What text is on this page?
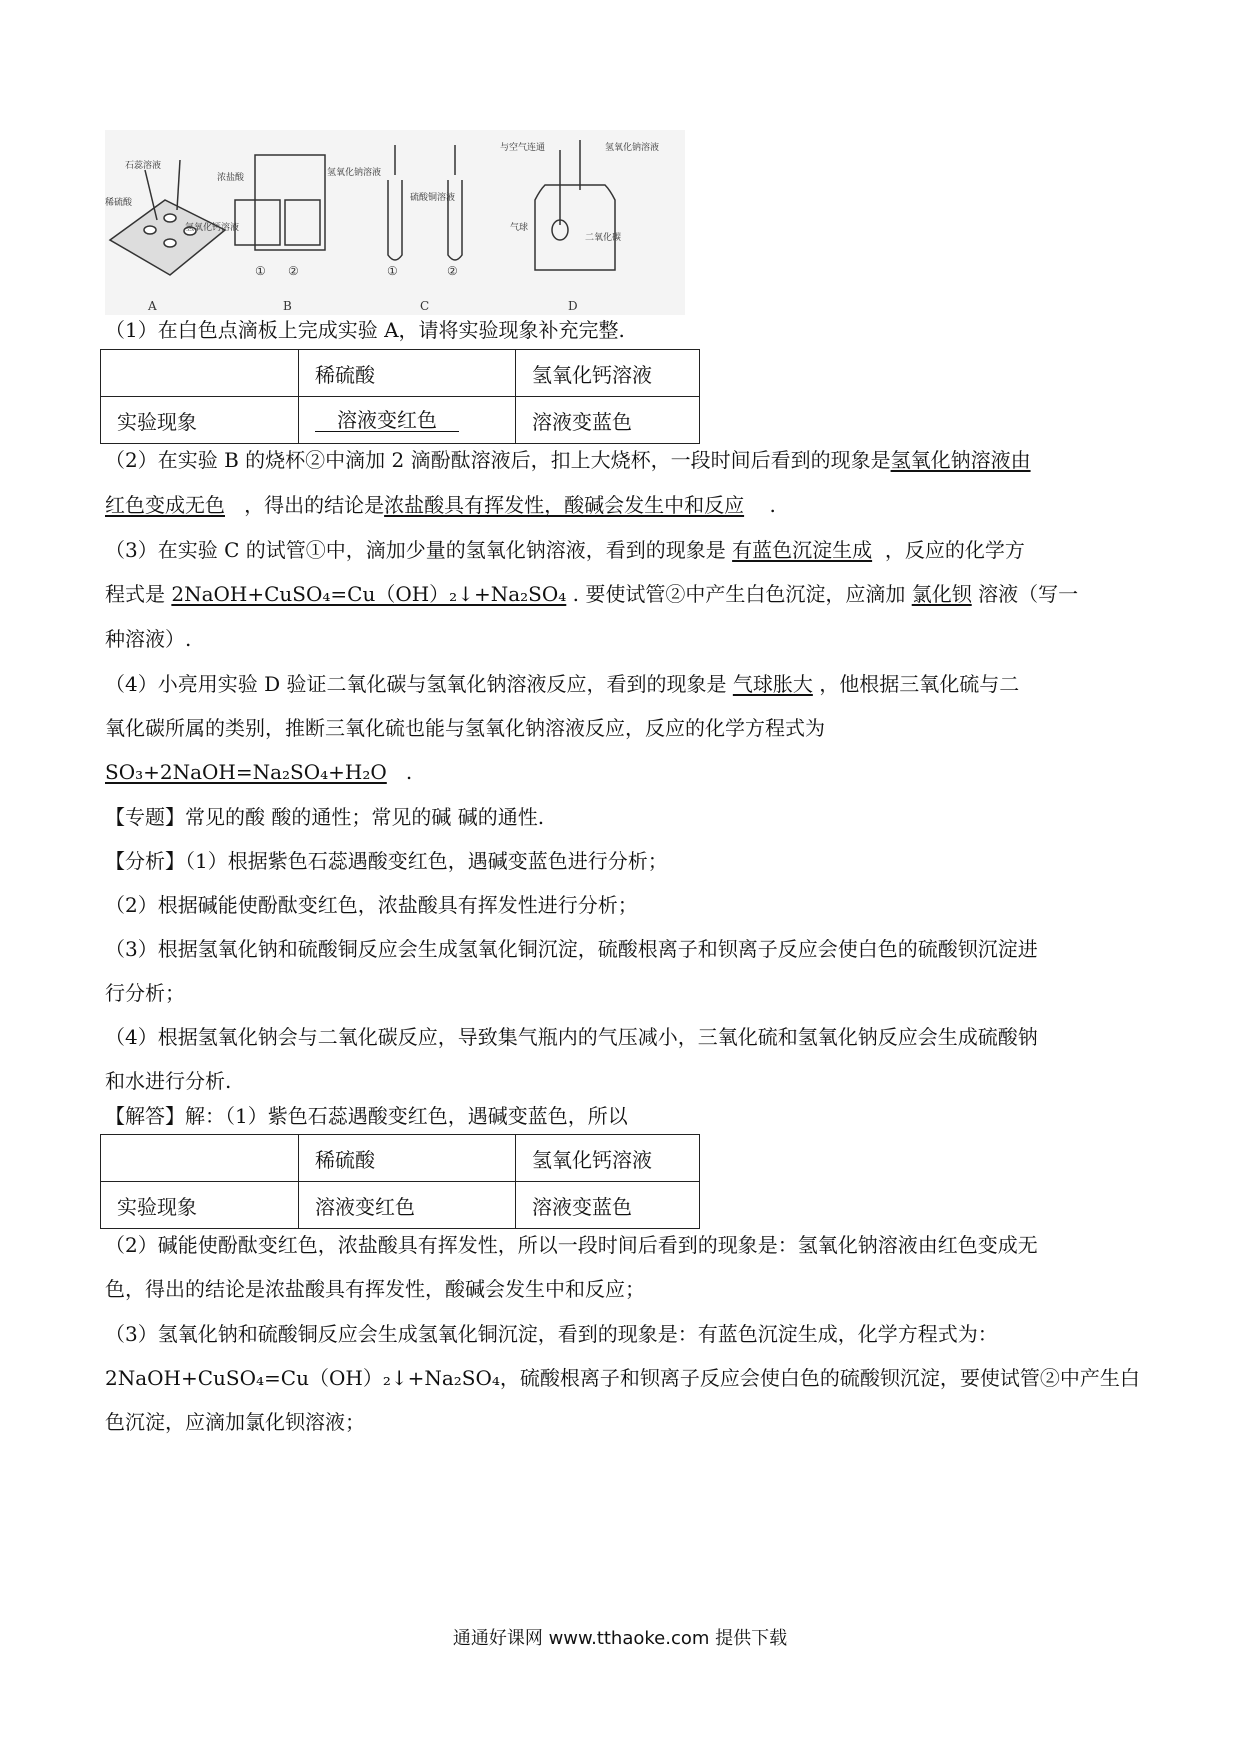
石蕊溶液
稀硫酸
氢氧化钙溶液
A
浓盐酸	氢氧化钠溶液
① ②
B
硫酸铜溶液
①	②
C
与空气连通	氢氧化钠溶液
气球
二氧化碳
D
（1）在白色点滴板上完成实验 A，请将实验现象补充完整.
	稀硫酸	氢氧化钙溶液
实验现象	溶液变红色	溶液变蓝色
（2）在实验 B 的烧杯②中滴加 2 滴酚酞溶液后，扣上大烧杯，一段时间后看到的现象是氢氧化钠溶液由
红色变成无色 ，得出的结论是浓盐酸具有挥发性，酸碱会发生中和反应 .
（3）在实验 C 的试管①中，滴加少量的氢氧化钠溶液，看到的现象是 有蓝色沉淀生成 ，反应的化学方
程式是 2NaOH+CuSO₄=Cu（OH）₂↓+Na₂SO₄ . 要使试管②中产生白色沉淀，应滴加 氯化钡 溶液（写一
种溶液）.
（4）小亮用实验 D 验证二氧化碳与氢氧化钠溶液反应，看到的现象是 气球胀大 ，他根据三氧化硫与二
氧化碳所属的类别，推断三氧化硫也能与氢氧化钠溶液反应，反应的化学方程式为
SO₃+2NaOH=Na₂SO₄+H₂O .
【专题】常见的酸 酸的通性；常见的碱 碱的通性.
【分析】（1）根据紫色石蕊遇酸变红色，遇碱变蓝色进行分析；
（2）根据碱能使酚酞变红色，浓盐酸具有挥发性进行分析；
（3）根据氢氧化钠和硫酸铜反应会生成氢氧化铜沉淀，硫酸根离子和钡离子反应会使白色的硫酸钡沉淀进
行分析；
（4）根据氢氧化钠会与二氧化碳反应，导致集气瓶内的气压减小，三氧化硫和氢氧化钠反应会生成硫酸钠
和水进行分析.
【解答】解：（1）紫色石蕊遇酸变红色，遇碱变蓝色，所以
	稀硫酸	氢氧化钙溶液
实验现象	溶液变红色	溶液变蓝色
（2）碱能使酚酞变红色，浓盐酸具有挥发性，所以一段时间后看到的现象是：氢氧化钠溶液由红色变成无
色，得出的结论是浓盐酸具有挥发性，酸碱会发生中和反应；
（3）氢氧化钠和硫酸铜反应会生成氢氧化铜沉淀，看到的现象是：有蓝色沉淀生成，化学方程式为：
2NaOH+CuSO₄=Cu（OH）₂↓+Na₂SO₄，硫酸根离子和钡离子反应会使白色的硫酸钡沉淀，要使试管②中产生白
色沉淀，应滴加氯化钡溶液；
通通好课网 www.tthaoke.com 提供下载
